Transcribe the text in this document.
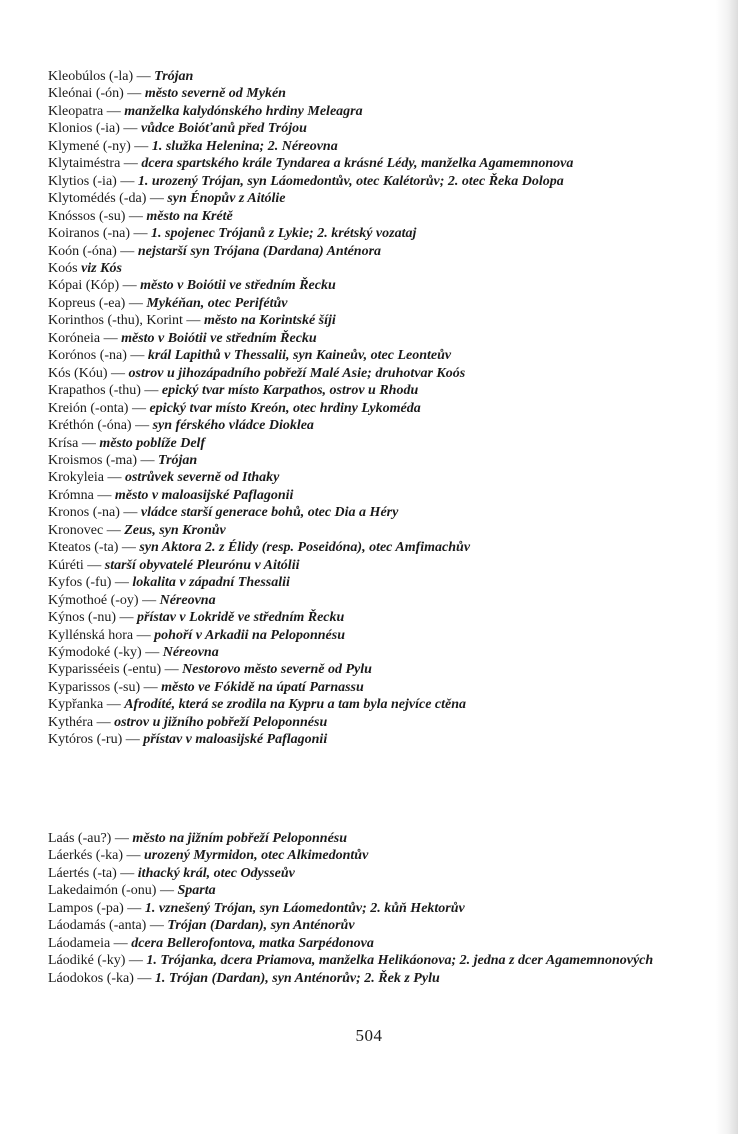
Kleobúlos (-la) — Trójan
Kleónai (-ón) — město severně od Mykén
Kleopatra — manželka kalydónského hrdiny Meleagra
Klonios (-ia) — vůdce Boióťanů před Trójou
Klymené (-ny) — 1. služka Helenina; 2. Néreovna
Klytaiméstra — dcera spartského krále Tyndarea a krásné Lédy, manželka Agamemnonova
Klytios (-ia) — 1. urozený Trójan, syn Láomedontův, otec Kalétorův; 2. otec Řeka Dolopa
Klytomédés (-da) — syn Énopův z Aitólie
Knóssos (-su) — město na Krétě
Koiranos (-na) — 1. spojenec Trójanů z Lykie; 2. krétský vozataj
Koón (-óna) — nejstarší syn Trójana (Dardana) Anténora
Koós viz Kós
Kópai (Kóp) — město v Boiótii ve středním Řecku
Kopreus (-ea) — Mykéňan, otec Perifétův
Korinthos (-thu), Korint — město na Korintské šíji
Koróneia — město v Boiótii ve středním Řecku
Korónos (-na) — král Lapithů v Thessalii, syn Kaineův, otec Leonteův
Kós (Kóu) — ostrov u jihozápadního pobřeží Malé Asie; druhotvar Koós
Krapathos (-thu) — epický tvar místo Karpathos, ostrov u Rhodu
Kreión (-onta) — epický tvar místo Kreón, otec hrdiny Lykoméda
Kréthón (-óna) — syn férského vládce Dioklea
Krísa — město poblíže Delf
Kroismos (-ma) — Trójan
Krokyleia — ostrůvek severně od Ithaky
Krómna — město v maloasijské Paflagonii
Kronos (-na) — vládce starší generace bohů, otec Dia a Héry
Kronovec — Zeus, syn Kronův
Kteatos (-ta) — syn Aktora 2. z Élidy (resp. Poseidóna), otec Amfimachův
Kúréti — starší obyvatelé Pleurónu v Aitólii
Kyfos (-fu) — lokalita v západní Thessalii
Kýmothoé (-oy) — Néreovna
Kýnos (-nu) — přístav v Lokridě ve středním Řecku
Kyllénská hora — pohoří v Arkadii na Peloponnésu
Kýmodoké (-ky) — Néreovna
Kyparisséeis (-entu) — Nestorovo město severně od Pylu
Kyparissos (-su) — město ve Fókidě na úpatí Parnassu
Kypřanka — Afrodíté, která se zrodila na Kypru a tam byla nejvíce ctěna
Kythéra — ostrov u jižního pobřeží Peloponnésu
Kytóros (-ru) — přístav v maloasijské Paflagonii
Laás (-au?) — město na jižním pobřeží Peloponnésu
Láerkés (-ka) — urozený Myrmidon, otec Alkimedontův
Láertés (-ta) — ithacký král, otec Odysseův
Lakedaimón (-onu) — Sparta
Lampos (-pa) — 1. vznešený Trójan, syn Láomedontův; 2. kůň Hektorův
Láodamás (-anta) — Trójan (Dardan), syn Anténorův
Láodameia — dcera Bellerofontova, matka Sarpédonova
Láodiké (-ky) — 1. Trójanka, dcera Priamova, manželka Helikáonova; 2. jedna z dcer Agamemnonových
Láodokos (-ka) — 1. Trójan (Dardan), syn Anténorův; 2. Řek z Pylu
504
